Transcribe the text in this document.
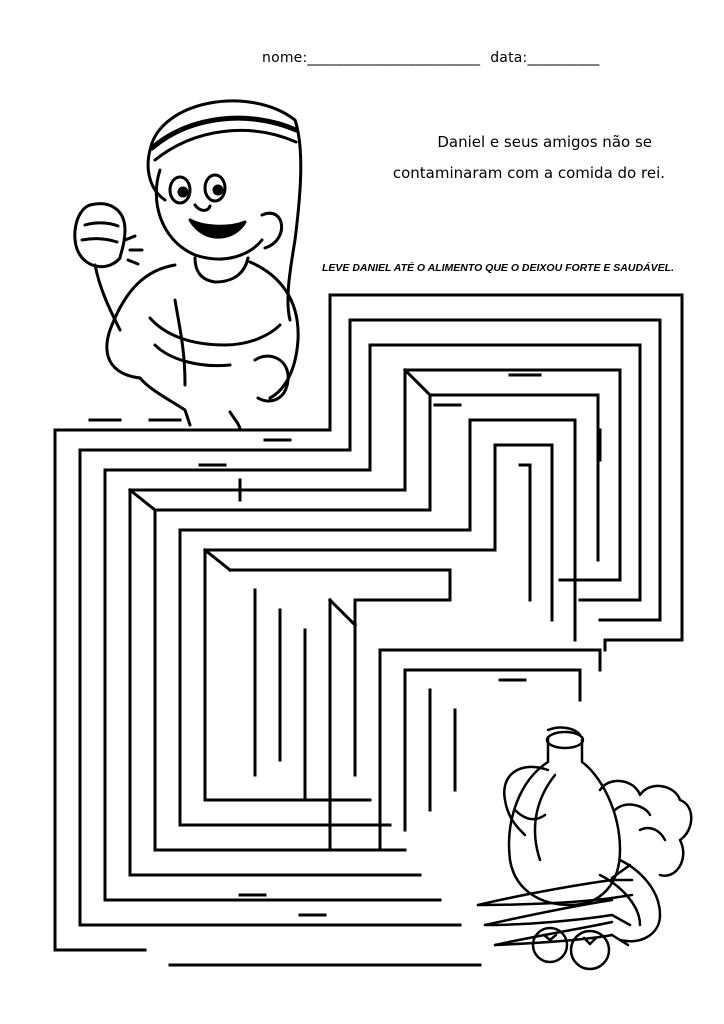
nome:________________________ data:__________
Daniel e seus amigos não se
contaminaram com a comida do rei.
LEVE DANIEL ATÉ O ALIMENTO QUE O DEIXOU FORTE E SAUDÁVEL.
